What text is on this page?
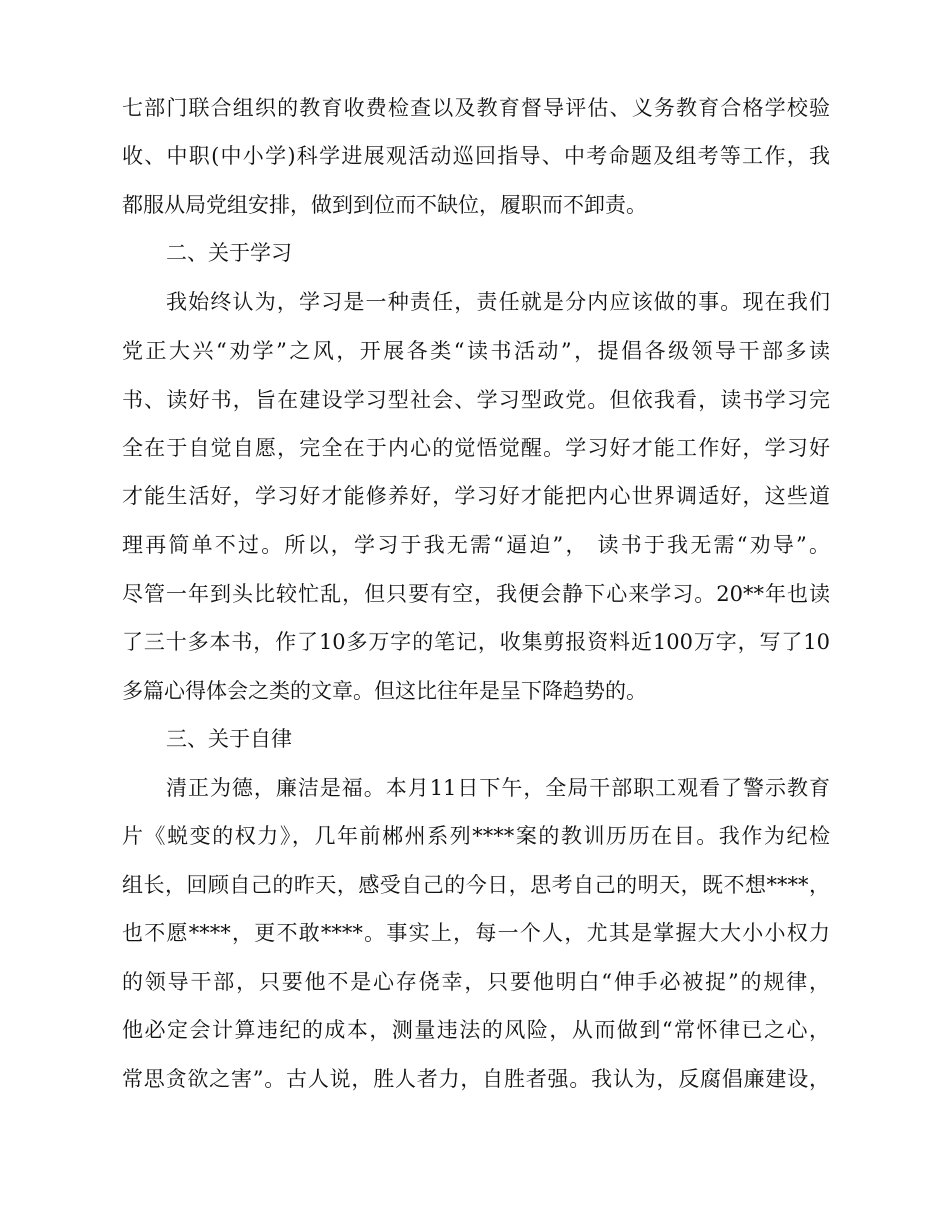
七部门联合组织的教育收费检查以及教育督导评估、义务教育合格学校验
收、中职(中小学)科学进展观活动巡回指导、中考命题及组考等工作，我
都服从局党组安排，做到到位而不缺位，履职而不卸责。
二、关于学习
我始终认为，学习是一种责任，责任就是分内应该做的事。现在我们
党正大兴“劝学”之风，开展各类“读书活动”，提倡各级领导干部多读
书、读好书，旨在建设学习型社会、学习型政党。但依我看，读书学习完
全在于自觉自愿，完全在于内心的觉悟觉醒。学习好才能工作好，学习好
才能生活好，学习好才能修养好，学习好才能把内心世界调适好，这些道
理再简单不过。所以，学习于我无需“逼迫”， 读书于我无需“劝导”。
尽管一年到头比较忙乱，但只要有空，我便会静下心来学习。20**年也读
了三十多本书，作了10多万字的笔记，收集剪报资料近100万字，写了10
多篇心得体会之类的文章。但这比往年是呈下降趋势的。
三、关于自律
清正为德，廉洁是福。本月11日下午，全局干部职工观看了警示教育
片《蜕变的权力》，几年前郴州系列****案的教训历历在目。我作为纪检
组长，回顾自己的昨天，感受自己的今日，思考自己的明天，既不想****，
也不愿****，更不敢****。事实上，每一个人，尤其是掌握大大小小权力
的领导干部，只要他不是心存侥幸，只要他明白“伸手必被捉”的规律，
他必定会计算违纪的成本，测量违法的风险，从而做到“常怀律已之心，
常思贪欲之害”。古人说，胜人者力，自胜者强。我认为，反腐倡廉建设，
